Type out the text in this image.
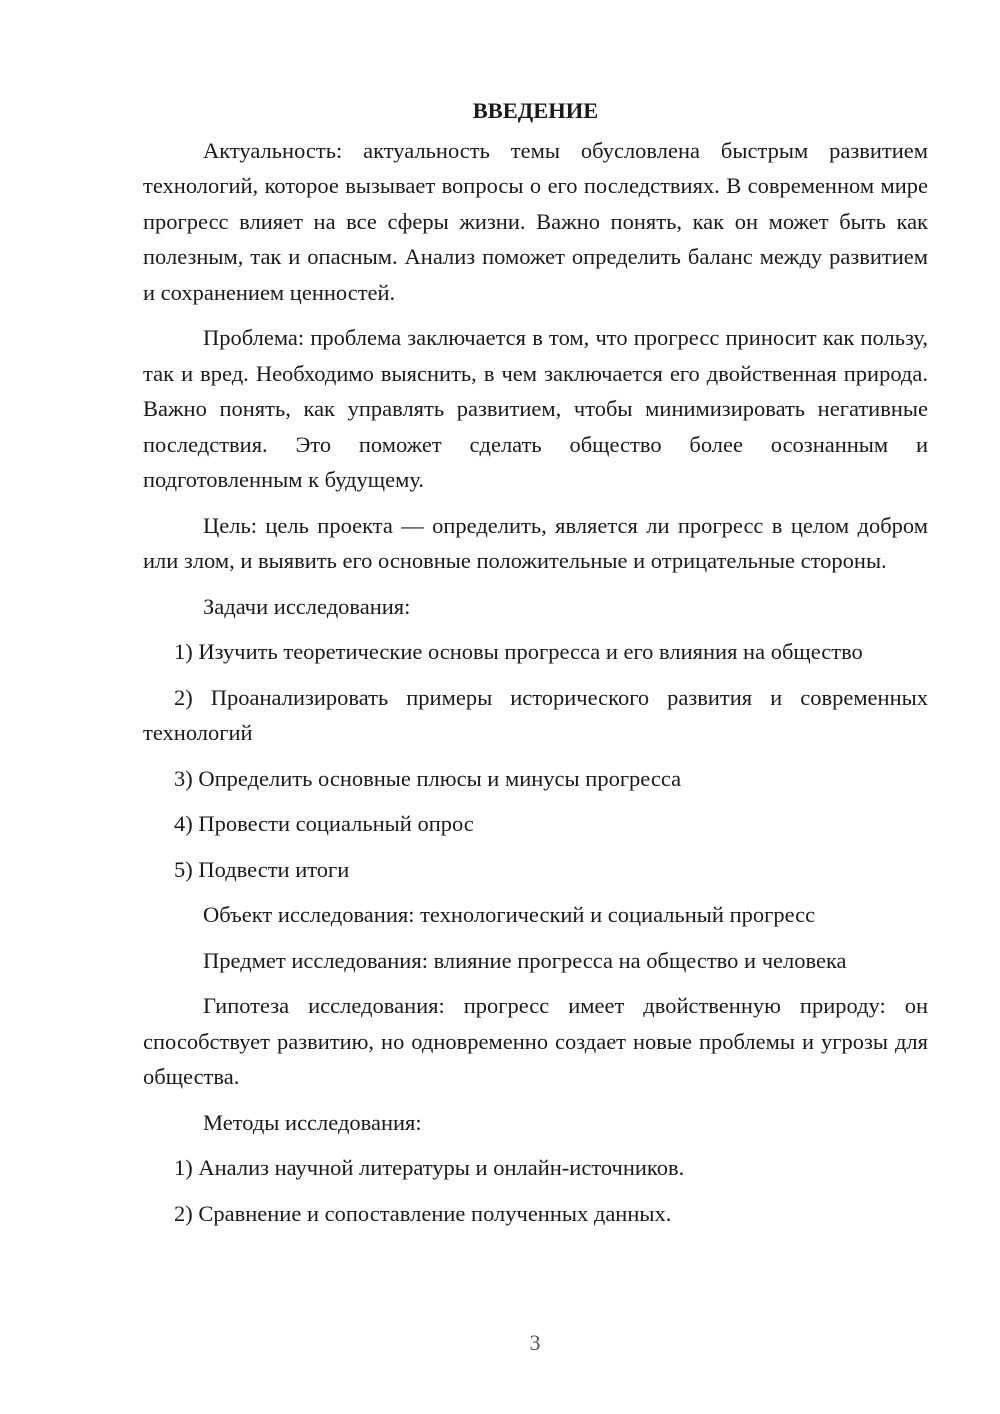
ВВЕДЕНИЕ

Актуальность: актуальность темы обусловлена быстрым развитием технологий, которое вызывает вопросы о его последствиях. В современном мире прогресс влияет на все сферы жизни. Важно понять, как он может быть как полезным, так и опасным. Анализ поможет определить баланс между развитием и сохранением ценностей.

Проблема: проблема заключается в том, что прогресс приносит как пользу, так и вред. Необходимо выяснить, в чем заключается его двойственная природа. Важно понять, как управлять развитием, чтобы минимизировать негативные последствия. Это поможет сделать общество более осознанным и подготовленным к будущему.

Цель: цель проекта — определить, является ли прогресс в целом добром или злом, и выявить его основные положительные и отрицательные стороны.

Задачи исследования:

1) Изучить теоретические основы прогресса и его влияния на общество

2) Проанализировать примеры исторического развития и современных технологий

3) Определить основные плюсы и минусы прогресса

4) Провести социальный опрос

5) Подвести итоги

Объект исследования: технологический и социальный прогресс

Предмет исследования: влияние прогресса на общество и человека

Гипотеза исследования: прогресс имеет двойственную природу: он способствует развитию, но одновременно создает новые проблемы и угрозы для общества.

Методы исследования:

1) Анализ научной литературы и онлайн-источников.

2) Сравнение и сопоставление полученных данных.

3
